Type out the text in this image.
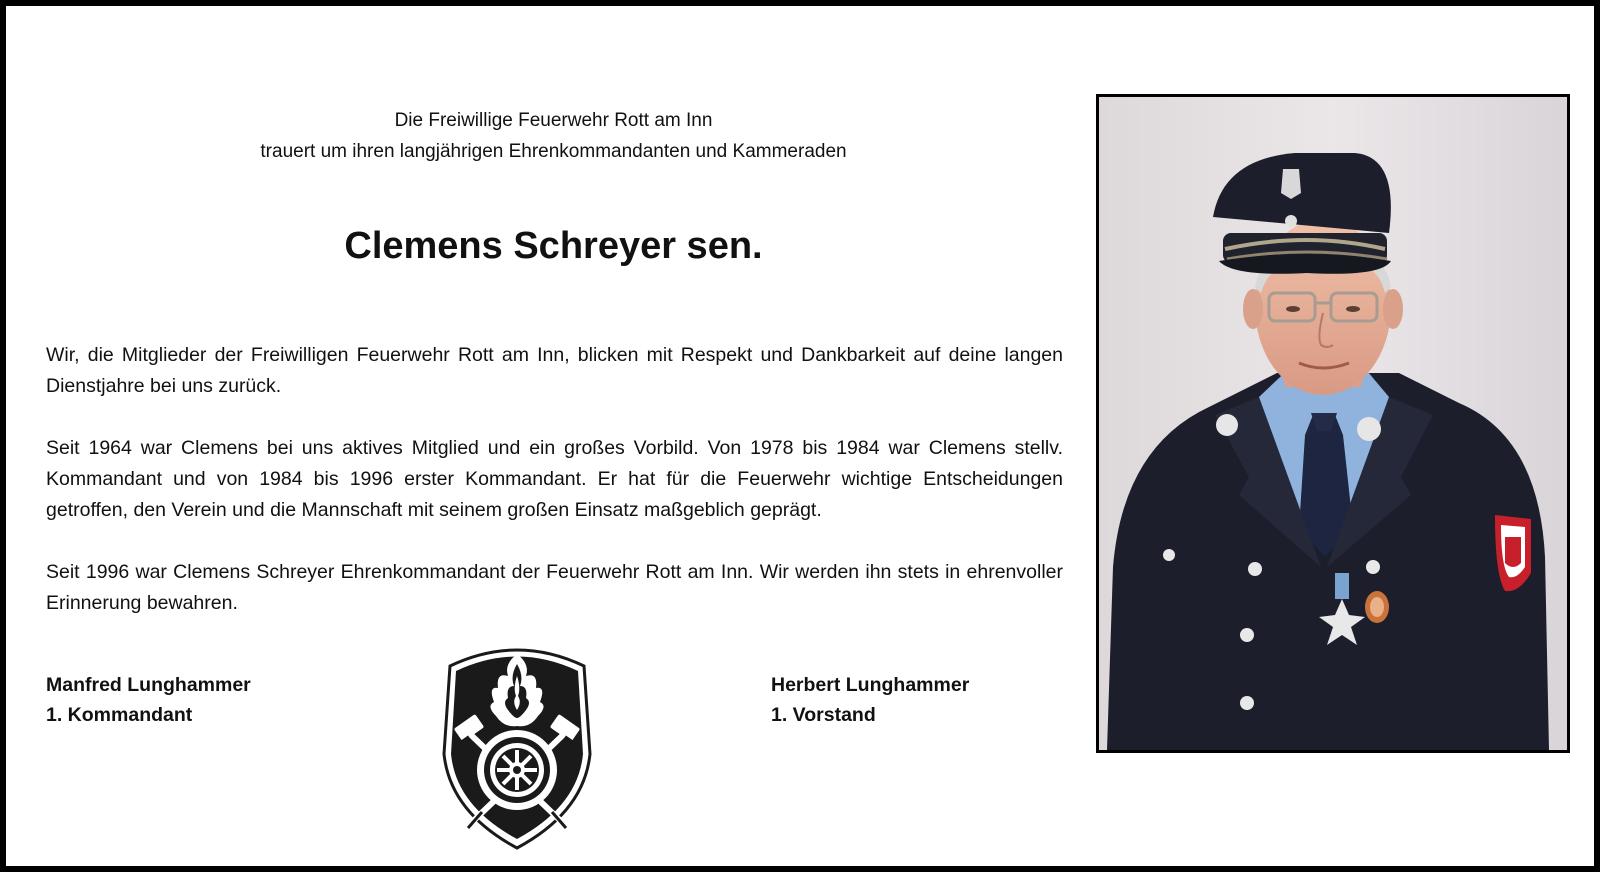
Die Freiwillige Feuerwehr Rott am Inn
trauert um ihren langjährigen Ehrenkommandanten und Kammeraden
Clemens Schreyer sen.

Wir, die Mitglieder der Freiwilligen Feuerwehr Rott am Inn, blicken mit Respekt und Dankbarkeit auf deine langen Dienstjahre bei uns zurück.

Seit 1964 war Clemens bei uns aktives Mitglied und ein großes Vorbild. Von 1978 bis 1984 war Clemens stellv. Kommandant und von 1984 bis 1996 erster Kommandant. Er hat für die Feuerwehr wichtige Entscheidungen getroffen, den Verein und die Mannschaft mit seinem großen Einsatz maßgeblich geprägt.

Seit 1996 war Clemens Schreyer Ehrenkommandant der Feuerwehr Rott am Inn. Wir werden ihn stets in ehrenvoller Erinnerung bewahren.

Manfred Lunghammer
1. Kommandant
Herbert Lunghammer
1. Vorstand
